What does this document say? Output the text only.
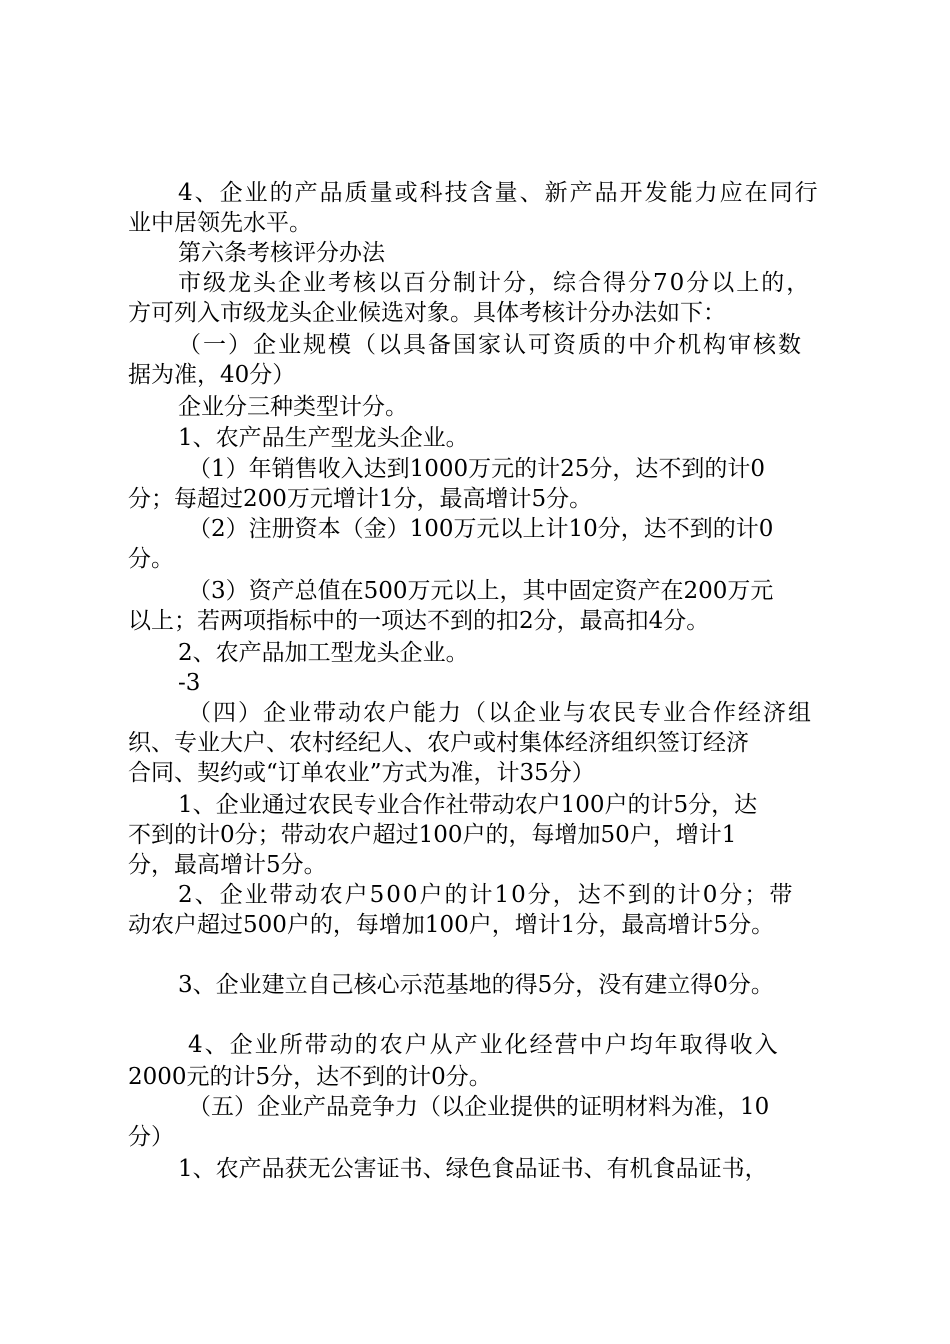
4、企业的产品质量或科技含量、新产品开发能力应在同行
业中居领先水平。
第六条考核评分办法
市级龙头企业考核以百分制计分，综合得分70分以上的，
方可列入市级龙头企业候选对象。具体考核计分办法如下：
（一）企业规模（以具备国家认可资质的中介机构审核数
据为准，40分）
企业分三种类型计分。
1、农产品生产型龙头企业。
（1）年销售收入达到1000万元的计25分，达不到的计0
分；每超过200万元增计1分，最高增计5分。
（2）注册资本（金）100万元以上计10分，达不到的计0
分。
（3）资产总值在500万元以上，其中固定资产在200万元
以上；若两项指标中的一项达不到的扣2分，最高扣4分。
2、农产品加工型龙头企业。
-3
（四）企业带动农户能力（以企业与农民专业合作经济组
织、专业大户、农村经纪人、农户或村集体经济组织签订经济
合同、契约或“订单农业”方式为准，计35分）
1、企业通过农民专业合作社带动农户100户的计5分，达
不到的计0分；带动农户超过100户的，每增加50户，增计1
分，最高增计5分。
2、企业带动农户500户的计10分，达不到的计0分；带
动农户超过500户的，每增加100户，增计1分，最高增计5分。
3、企业建立自己核心示范基地的得5分，没有建立得0分。
4、企业所带动的农户从产业化经营中户均年取得收入
2000元的计5分，达不到的计0分。
（五）企业产品竞争力（以企业提供的证明材料为准，10
分）
1、农产品获无公害证书、绿色食品证书、有机食品证书，
